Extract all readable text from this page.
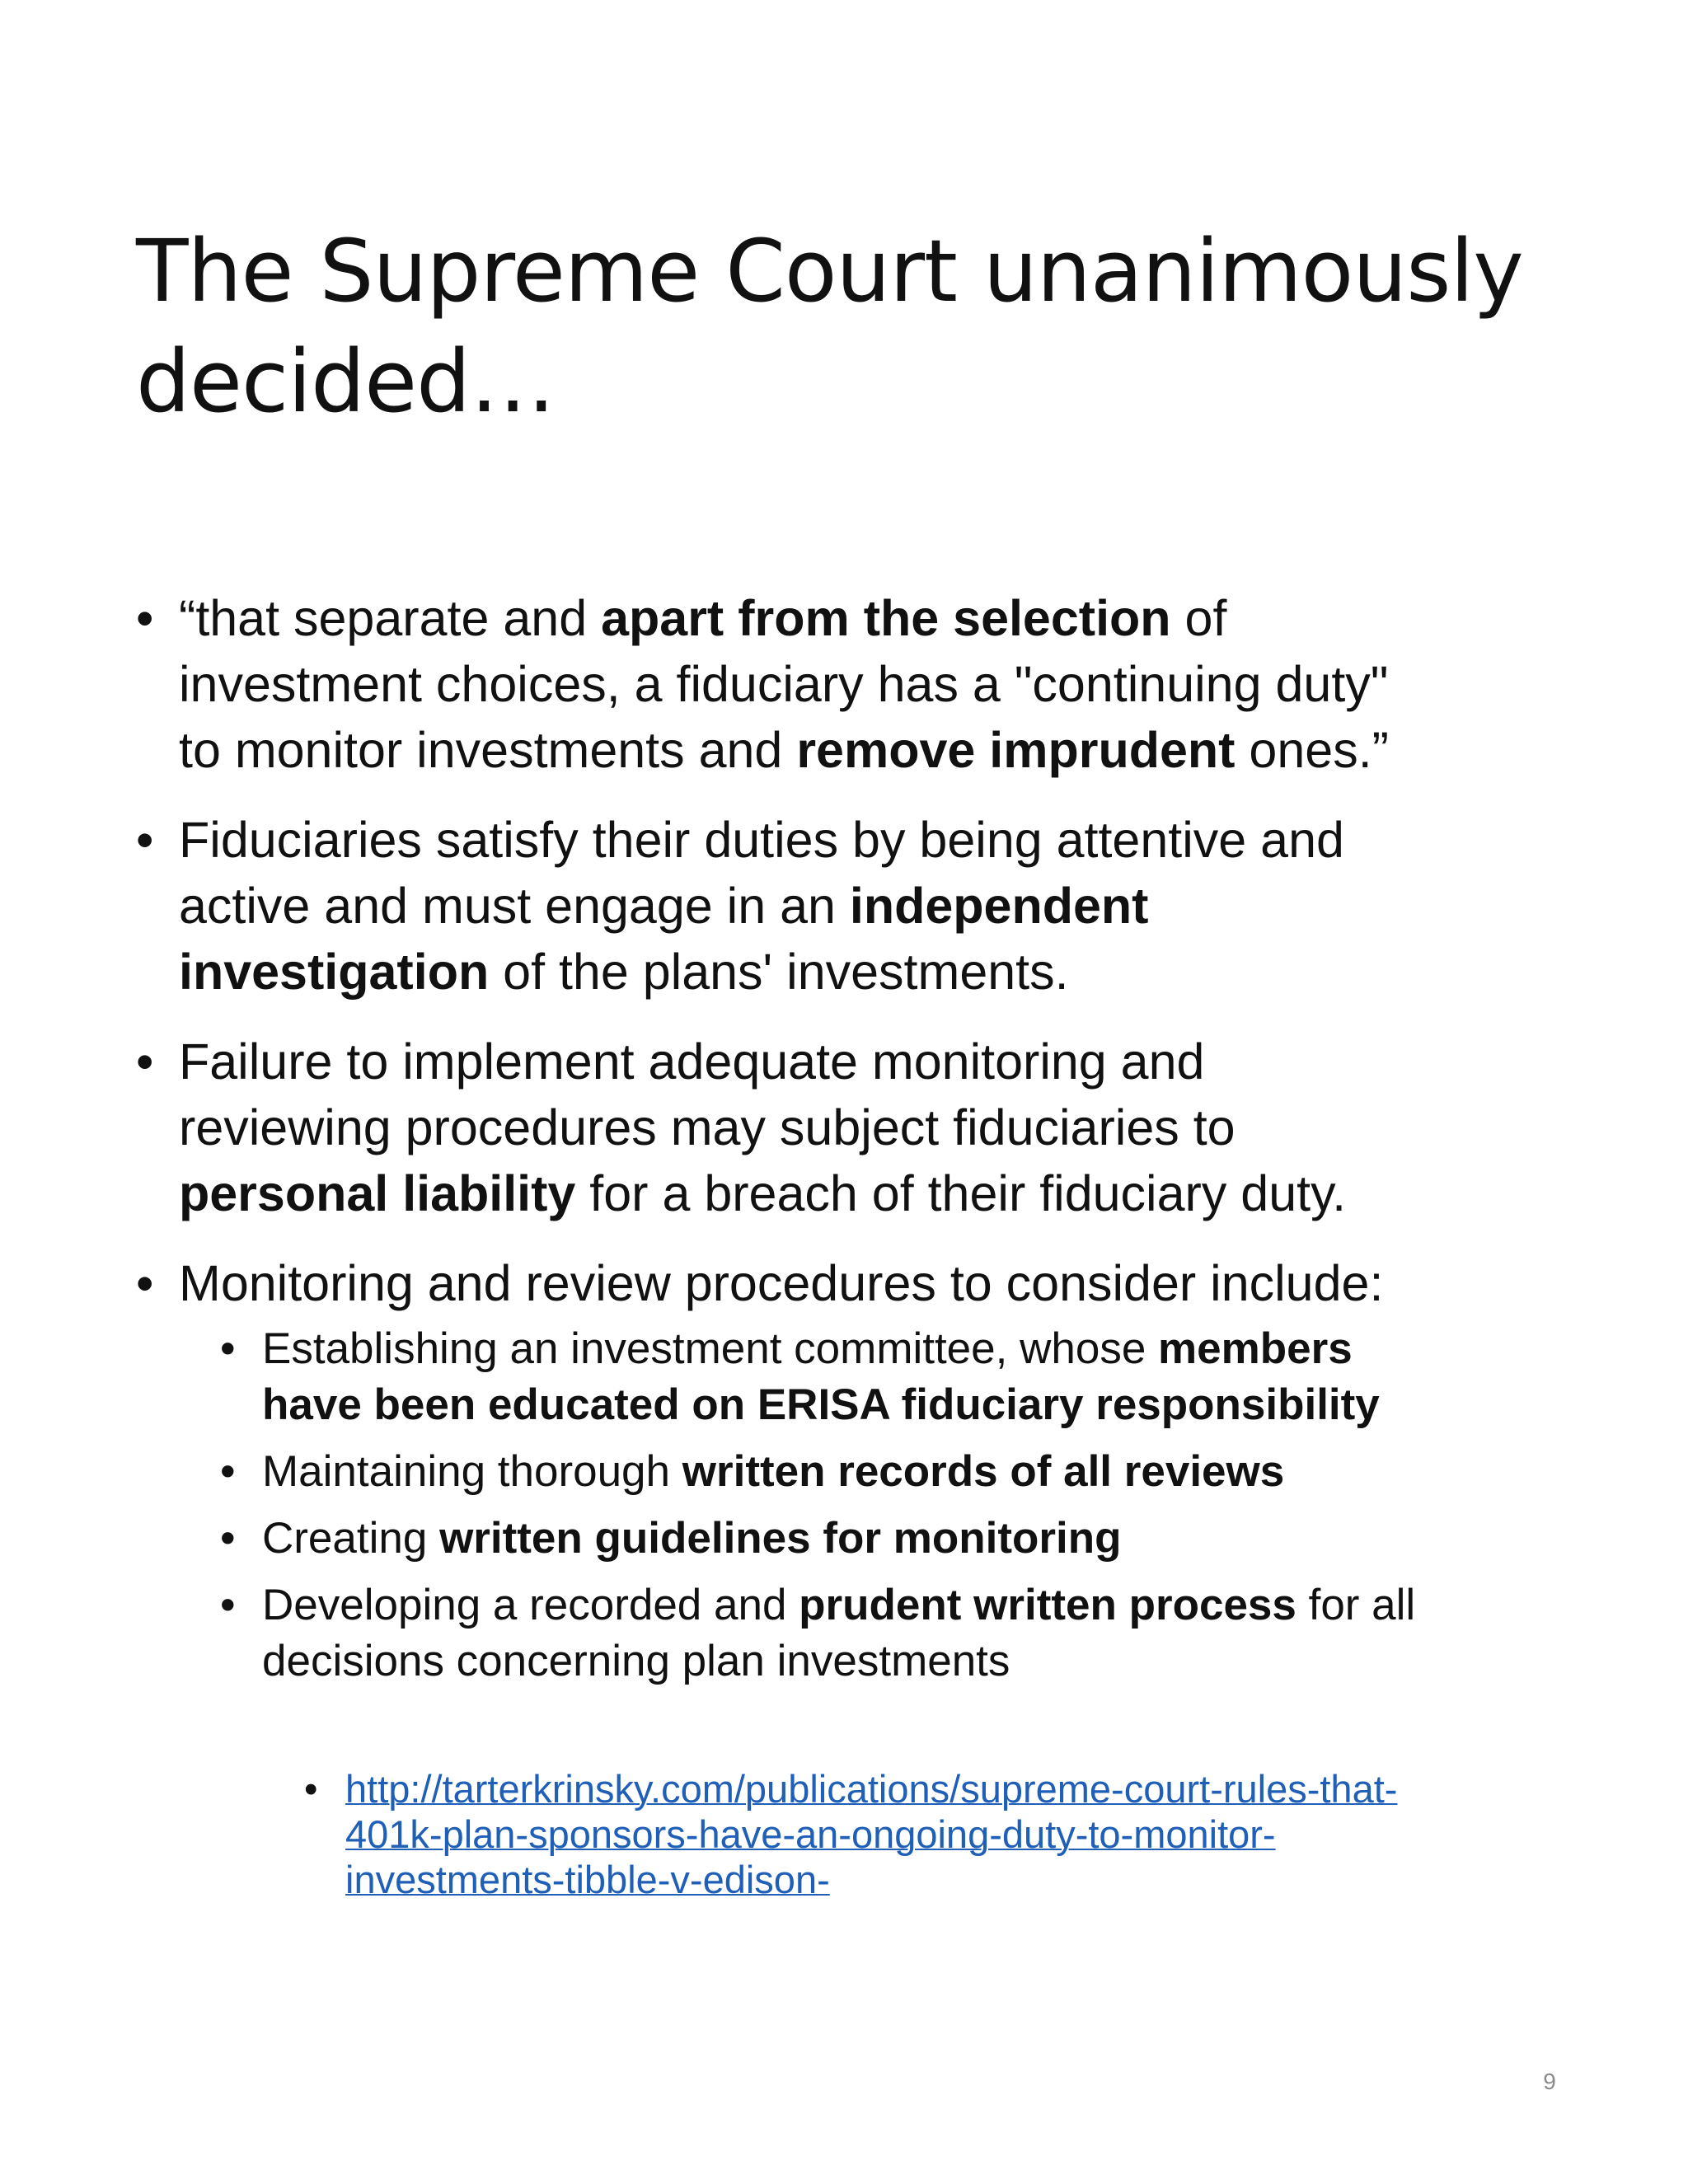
The Supreme Court unanimously
decided…
• “that separate and apart from the selection of
investment choices, a fiduciary has a "continuing duty"
to monitor investments and remove imprudent ones.”
• Fiduciaries satisfy their duties by being attentive and
active and must engage in an independent
investigation of the plans' investments.
• Failure to implement adequate monitoring and
reviewing procedures may subject fiduciaries to
personal liability for a breach of their fiduciary duty.
• Monitoring and review procedures to consider include:
• Establishing an investment committee, whose members
have been educated on ERISA fiduciary responsibility
• Maintaining thorough written records of all reviews
• Creating written guidelines for monitoring
• Developing a recorded and prudent written process for all
decisions concerning plan investments
• http://tarterkrinsky.com/publications/supreme-court-rules-that-
401k-plan-sponsors-have-an-ongoing-duty-to-monitor-
investments-tibble-v-edison-
9
